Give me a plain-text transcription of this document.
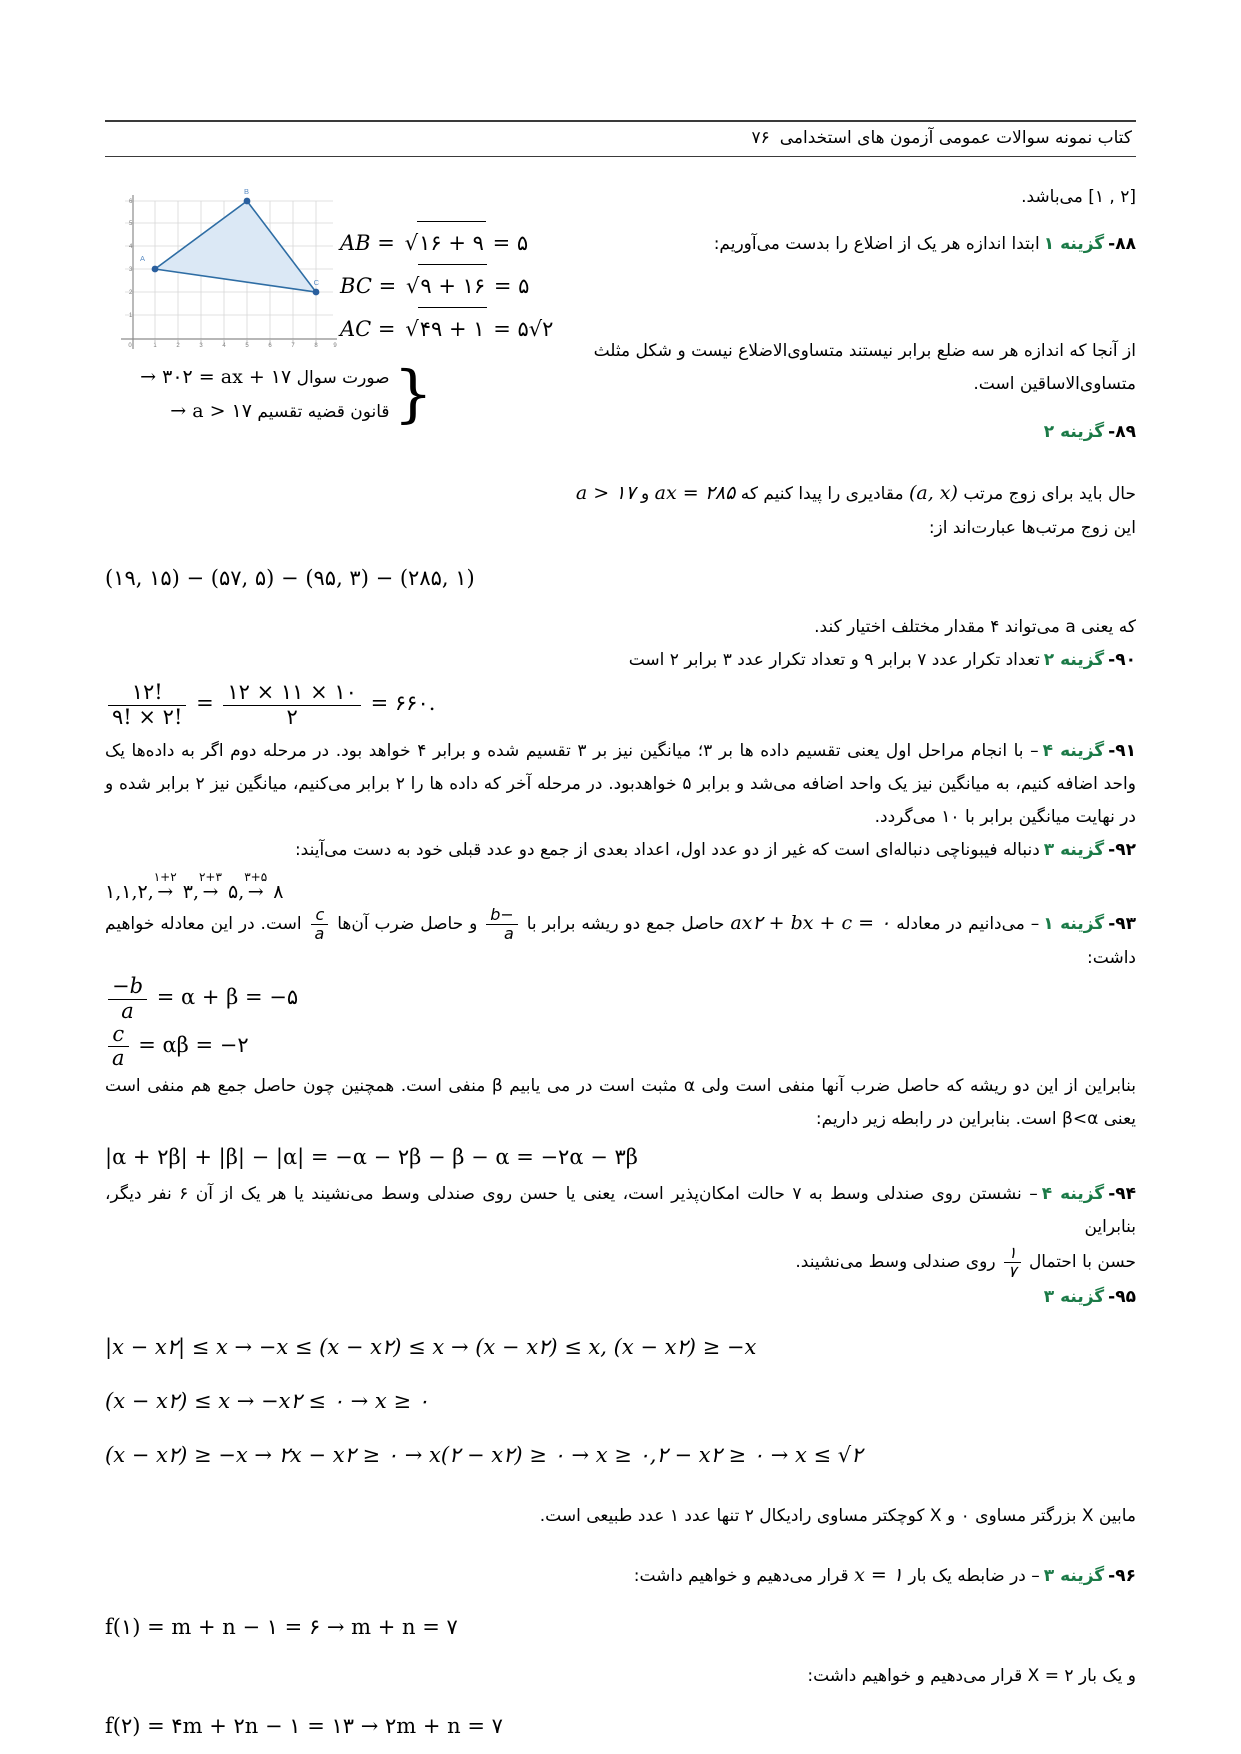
کتاب نمونه سوالات عمومی آزمون های استخدامی۷۶
A
B
C
6
5
4
3
2
1
0	1	2	3	4	5	6	7	8	9
AB = √۱۶ + ۹ = ۵
BC = √۹ + ۱۶ = ۵
AC = √۴۹ + ۱ = ۵√۲
{
صورت سوال → ۳۰۲ = ax + ۱۷
قانون قضیه تقسیم → a > ۱۷
[۲ , ۱] می‌باشد.
۸۸-گزینه ۱ابتدا اندازه هر یک از اضلاع را بدست می‌آوریم:
از آنجا که اندازه هر سه ضلع برابر نیستند متساوی‌الاضلاع نیست و شکل مثلث متساوی‌الاساقین است.
۸۹-گزینه ۲
حال باید برای زوج مرتب (a, x) مقادیری را پیدا کنیم که ax = ۲۸۵ و a > ۱۷
این زوج مرتب‌ها عبارت‌اند از:
(۱۹, ۱۵) − (۵۷, ۵) − (۹۵, ۳) − (۲۸۵, ۱)
که یعنی a می‌تواند ۴ مقدار مختلف اختیار کند.
۹۰-گزینه ۲تعداد تکرار عدد ۷ برابر ۹ و تعداد تکرار عدد ۳ برابر ۲ است
$\frac{۱۲!}{۹! \times ۲!} = \frac{۱۲ \times ۱۱ \times ۱۰}{۲}$ = ۶۶۰.
۹۱-گزینه ۴– با انجام مراحل اول یعنی تقسیم داده ها بر ۳؛ میانگین نیز بر ۳ تقسیم شده و برابر ۴ خواهد بود. در مرحله دوم اگر به داده‌ها یک واحد اضافه کنیم، به میانگین نیز یک واحد اضافه می‌شد و برابر ۵ خواهدبود. در مرحله آخر که داده ها را ۲ برابر می‌کنیم، میانگین نیز ۲ برابر شده و در نهایت میانگین برابر با ۱۰ می‌گردد.
۹۲-گزینه ۳دنباله فیبوناچی دنباله‌ای است که غیر از دو عدد اول، اعداد بعدی از جمع دو عدد قبلی خود به دست می‌آیند:
۱,۱,۲,
۱+۲
→ ۳,
۲+۳
→ ۵,
۳+۵
→ ۸
۹۳-گزینه ۱– می‌دانیم در معادله ax۲ + bx + c = ۰ حاصل جمع دو ریشه برابر با
$\frac{-b}{a}$
و حاصل ضرب آن‌ها
$\frac{c}{a}$
است. در این معادله خواهیم داشت:
$\frac{-b}{a} = \alpha + \beta$ = −۵
$\frac{c}{a} = \alpha\beta$ = −۲
بنابراین از این دو ریشه که حاصل ضرب آنها منفی است ولی α مثبت است در می یابیم β منفی است. همچنین چون حاصل جمع هم منفی است یعنی β<α است. بنابراین در رابطه زیر داریم:
|α + ۲β| + |β| − |α| = −α − ۲β − β − α = −۲α − ۳β
۹۴-گزینه ۴– نشستن روی صندلی وسط به ۷ حالت امکان‌پذیر است، یعنی یا حسن روی صندلی وسط می‌نشیند یا هر یک از آن ۶ نفر دیگر، بنابراین
حسن با احتمال
$\frac{۱}{۷}$
روی صندلی وسط می‌نشیند.
۹۵-گزینه ۳
|x − x۲| ≤ x → −x ≤ (x − x۲) ≤ x → (x − x۲) ≤ x, (x − x۲) ≥ −x
(x − x۲) ≤ x → −x۲ ≤ ۰ → x ≥ ۰
(x − x۲) ≥ −x → ۲x − x۲ ≥ ۰ → x(۲ − x۲) ≥ ۰ → x ≥ ۰,۲ − x۲ ≥ ۰ → x ≤ √۲
مابین X بزرگتر مساوی ۰ و X کوچکتر مساوی رادیکال ۲ تنها عدد ۱ عدد طبیعی است.
۹۶-گزینه ۳– در ضابطه یک بار x = ۱ قرار می‌دهیم و خواهیم داشت:
f(۱) = m + n − ۱ = ۶ → m + n = ۷
و یک بار X = ۲ قرار می‌دهیم و خواهیم داشت:
f(۲) = ۴m + ۲n − ۱ = ۱۳ → ۲m + n = ۷
